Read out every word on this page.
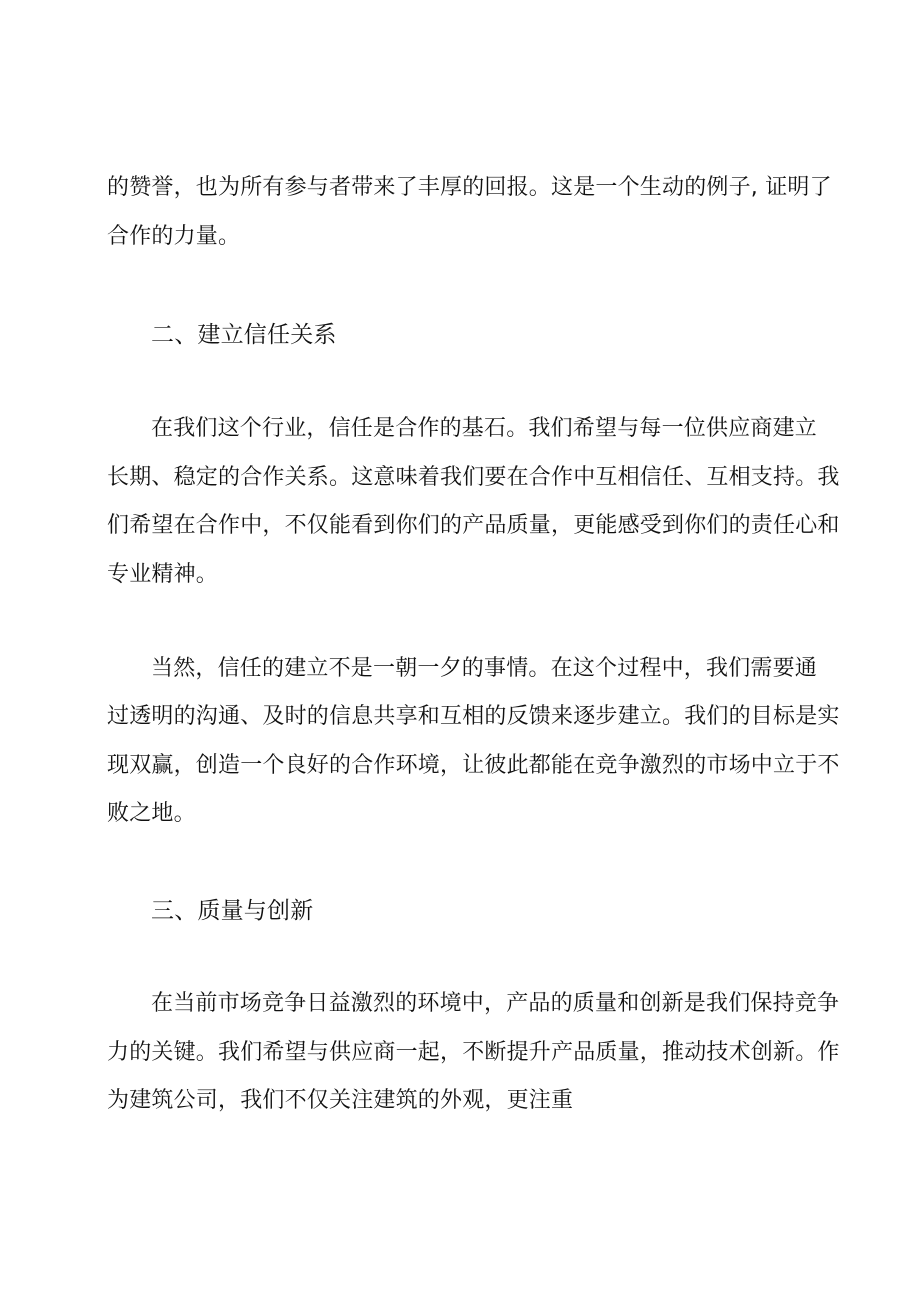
的赞誉，也为所有参与者带来了丰厚的回报。这是一个生动的例子, 证明了
合作的力量。
二、建立信任关系
在我们这个行业，信任是合作的基石。我们希望与每一位供应商建立
长期、稳定的合作关系。这意味着我们要在合作中互相信任、互相支持。我
们希望在合作中，不仅能看到你们的产品质量，更能感受到你们的责任心和
专业精神。
当然，信任的建立不是一朝一夕的事情。在这个过程中，我们需要通
过透明的沟通、及时的信息共享和互相的反馈来逐步建立。我们的目标是实
现双赢，创造一个良好的合作环境，让彼此都能在竞争激烈的市场中立于不
败之地。
三、质量与创新
在当前市场竞争日益激烈的环境中，产品的质量和创新是我们保持竞争
力的关键。我们希望与供应商一起，不断提升产品质量，推动技术创新。作
为建筑公司，我们不仅关注建筑的外观，更注重
